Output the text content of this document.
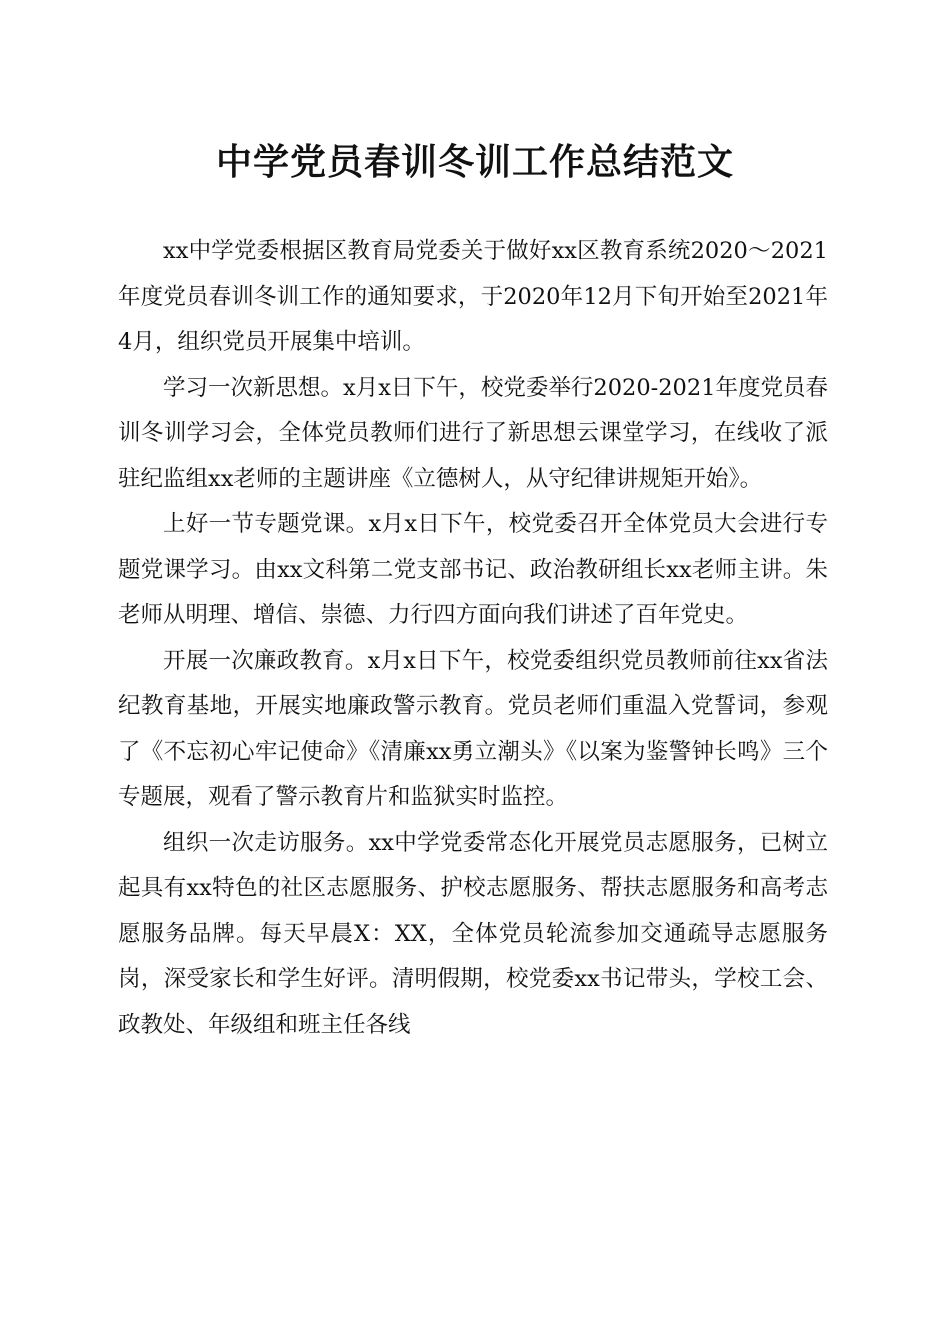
中学党员春训冬训工作总结范文

xx中学党委根据区教育局党委关于做好xx区教育系统2020～2021年度党员春训冬训工作的通知要求，于2020年12月下旬开始至2021年4月，组织党员开展集中培训。

学习一次新思想。x月x日下午，校党委举行2020-2021年度党员春训冬训学习会，全体党员教师们进行了新思想云课堂学习，在线收了派驻纪监组xx老师的主题讲座《立德树人，从守纪律讲规矩开始》。

上好一节专题党课。x月x日下午，校党委召开全体党员大会进行专题党课学习。由xx文科第二党支部书记、政治教研组长xx老师主讲。朱老师从明理、增信、崇德、力行四方面向我们讲述了百年党史。

开展一次廉政教育。x月x日下午，校党委组织党员教师前往xx省法纪教育基地，开展实地廉政警示教育。党员老师们重温入党誓词，参观了《不忘初心牢记使命》《清廉xx勇立潮头》《以案为鉴警钟长鸣》三个专题展，观看了警示教育片和监狱实时监控。

组织一次走访服务。xx中学党委常态化开展党员志愿服务，已树立起具有xx特色的社区志愿服务、护校志愿服务、帮扶志愿服务和高考志愿服务品牌。每天早晨X：XX，全体党员轮流参加交通疏导志愿服务岗，深受家长和学生好评。清明假期，校党委xx书记带头，学校工会、政教处、年级组和班主任各线
